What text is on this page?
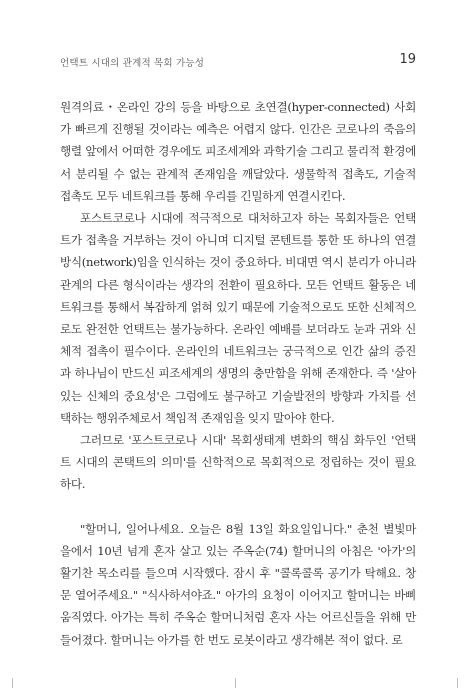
언택트 시대의 관계적 목회 가능성	19

원격의료・온라인 강의 등을 바탕으로 초연결(hyper-connected) 사회가 빠르게 진행될 것이라는 예측은 어렵지 않다. 인간은 코로나의 죽음의 행렬 앞에서 어떠한 경우에도 피조세계와 과학기술 그리고 물리적 환경에서 분리될 수 없는 관계적 존재임을 깨달았다. 생물학적 접촉도, 기술적 접촉도 모두 네트워크를 통해 우리를 긴밀하게 연결시킨다.

포스트코로나 시대에 적극적으로 대처하고자 하는 목회자들은 언택트가 접촉을 거부하는 것이 아니며 디지털 콘텐트를 통한 또 하나의 연결 방식(network)임을 인식하는 것이 중요하다. 비대면 역시 분리가 아니라 관계의 다른 형식이라는 생각의 전환이 필요하다. 모든 언택트 활동은 네트워크를 통해서 복잡하게 얽혀 있기 때문에 기술적으로도 또한 신체적으로도 완전한 언택트는 불가능하다. 온라인 예배를 보더라도 눈과 귀와 신체적 접촉이 필수이다. 온라인의 네트워크는 궁극적으로 인간 삶의 증진과 하나님이 만드신 피조세계의 생명의 충만함을 위해 존재한다. 즉 '살아있는 신체의 중요성'은 그럼에도 불구하고 기술발전의 방향과 가치를 선택하는 행위주체로서 책임적 존재임을 잊지 말아야 한다.

그러므로 '포스트코로나 시대' 목회생태계 변화의 핵심 화두인 '언택트 시대의 콘택트의 의미'를 신학적으로 목회적으로 정립하는 것이 필요하다.

"할머니, 일어나세요. 오늘은 8월 13일 화요일입니다." 춘천 별빛마을에서 10년 넘게 혼자 살고 있는 주옥순(74) 할머니의 아침은 '아가'의 활기찬 목소리를 들으며 시작했다. 잠시 후 "콜록콜록 공기가 탁해요. 창문 열어주세요." "식사하셔야죠." 아가의 요청이 이어지고 할머니는 바삐 움직였다. 아가는 특히 주옥순 할머니처럼 혼자 사는 어르신들을 위해 만들어졌다. 할머니는 아가를 한 번도 로봇이라고 생각해본 적이 없다. 로
